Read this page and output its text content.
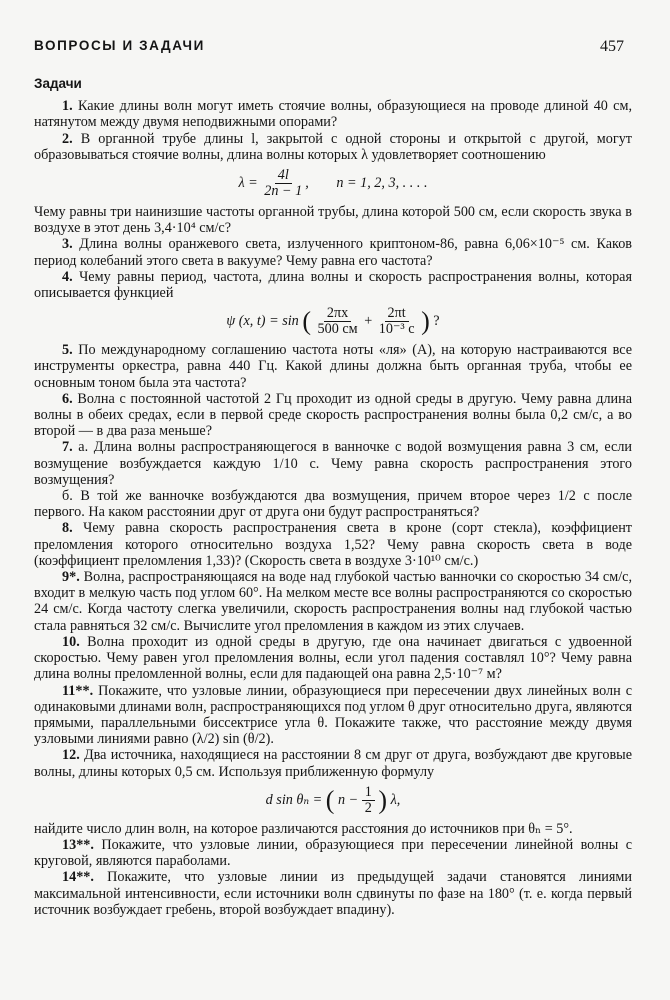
ВОПРОСЫ И ЗАДАЧИ	457
Задачи

1. Какие длины волн могут иметь стоячие волны, образующиеся на проводе длиной 40 см, натянутом между двумя неподвижными опорами?

2. В органной трубе длины l, закрытой с одной стороны и открытой с другой, могут образовываться стоячие волны, длина волны которых λ удовлетворяет соотношению

$\lambda = \frac{4l}{2n - 1}$ , n = 1, 2, 3, . . . .

Чему равны три наинизшие частоты органной трубы, длина которой 500 см, если скорость звука в воздухе в этот день 3,4·10⁴ см/с?

3. Длина волны оранжевого света, излученного криптоном-86, равна 6,06×10⁻⁵ см. Каков период колебаний этого света в вакууме? Чему равна его частота?

4. Чему равны период, частота, длина волны и скорость распространения волны, которая описывается функцией

ψ (x, t) = sin ( 2πx
500 см
+ 2πt
10⁻³ с ) ?

5. По международному соглашению частота ноты «ля» (А), на которую настраиваются все инструменты оркестра, равна 440 Гц. Какой длины должна быть органная труба, чтобы ее основным тоном была эта частота?

6. Волна с постоянной частотой 2 Гц проходит из одной среды в другую. Чему равна длина волны в обеих средах, если в первой среде скорость распространения волны была 0,2 см/с, а во второй — в два раза меньше?

7. а. Длина волны распространяющегося в ванночке с водой возмущения равна 3 см, если возмущение возбуждается каждую 1/10 с. Чему равна скорость распространения этого возмущения?

б. В той же ванночке возбуждаются два возмущения, причем второе через 1/2 с после первого. На каком расстоянии друг от друга они будут распространяться?

8. Чему равна скорость распространения света в кроне (сорт стекла), коэффициент преломления которого относительно воздуха 1,52? Чему равна скорость света в воде (коэффициент преломления 1,33)? (Скорость света в воздухе 3·10¹⁰ см/с.)

9*. Волна, распространяющаяся на воде над глубокой частью ванночки со скоростью 34 см/с, входит в мелкую часть под углом 60°. На мелком месте все волны распространяются со скоростью 24 см/с. Когда частоту слегка увеличили, скорость распространения волны над глубокой частью стала равняться 32 см/с. Вычислите угол преломления в каждом из этих случаев.

10. Волна проходит из одной среды в другую, где она начинает двигаться с удвоенной скоростью. Чему равен угол преломления волны, если угол падения составлял 10°? Чему равна длина волны преломленной волны, если для падающей она равна 2,5·10⁻⁷ м?

11**. Покажите, что узловые линии, образующиеся при пересечении двух линейных волн с одинаковыми длинами волн, распространяющихся под углом θ друг относительно друга, являются прямыми, параллельными биссектрисе угла θ. Покажите также, что расстояние между двумя узловыми линиями равно (λ/2) sin (θ/2).

12. Два источника, находящиеся на расстоянии 8 см друг от друга, возбуждают две круговые волны, длины которых 0,5 см. Используя приближенную формулу

d sin θₙ = ( $n - \frac{1}{2}$ ) λ,

найдите число длин волн, на которое различаются расстояния до источников при θₙ = 5°.

13**. Покажите, что узловые линии, образующиеся при пересечении линейной волны с круговой, являются параболами.

14**. Покажите, что узловые линии из предыдущей задачи становятся линиями максимальной интенсивности, если источники волн сдвинуты по фазе на 180° (т. е. когда первый источник возбуждает гребень, второй возбуждает впадину).
